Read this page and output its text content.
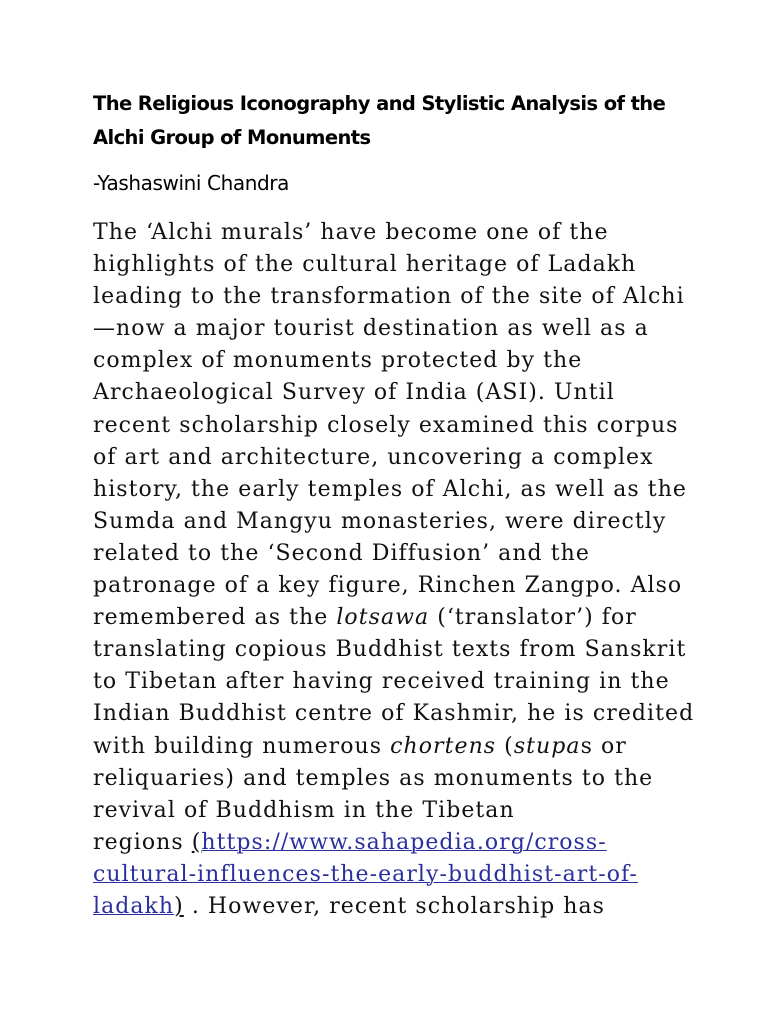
The Religious Iconography and Stylistic Analysis of the
Alchi Group of Monuments
-Yashaswini Chandra
The ‘Alchi murals’ have become one of the
highlights of the cultural heritage of Ladakh
leading to the transformation of the site of Alchi
—now a major tourist destination as well as a
complex of monuments protected by the
Archaeological Survey of India (ASI). Until
recent scholarship closely examined this corpus
of art and architecture, uncovering a complex
history, the early temples of Alchi, as well as the
Sumda and Mangyu monasteries, were directly
related to the ‘Second Diffusion’ and the
patronage of a key figure, Rinchen Zangpo. Also
remembered as the lotsawa (‘translator’) for
translating copious Buddhist texts from Sanskrit
to Tibetan after having received training in the
Indian Buddhist centre of Kashmir, he is credited
with building numerous chortens (stupas or
reliquaries) and temples as monuments to the
revival of Buddhism in the Tibetan
regions (https://www.sahapedia.org/cross-
cultural-influences-the-early-buddhist-art-of-
ladakh) . However, recent scholarship has
